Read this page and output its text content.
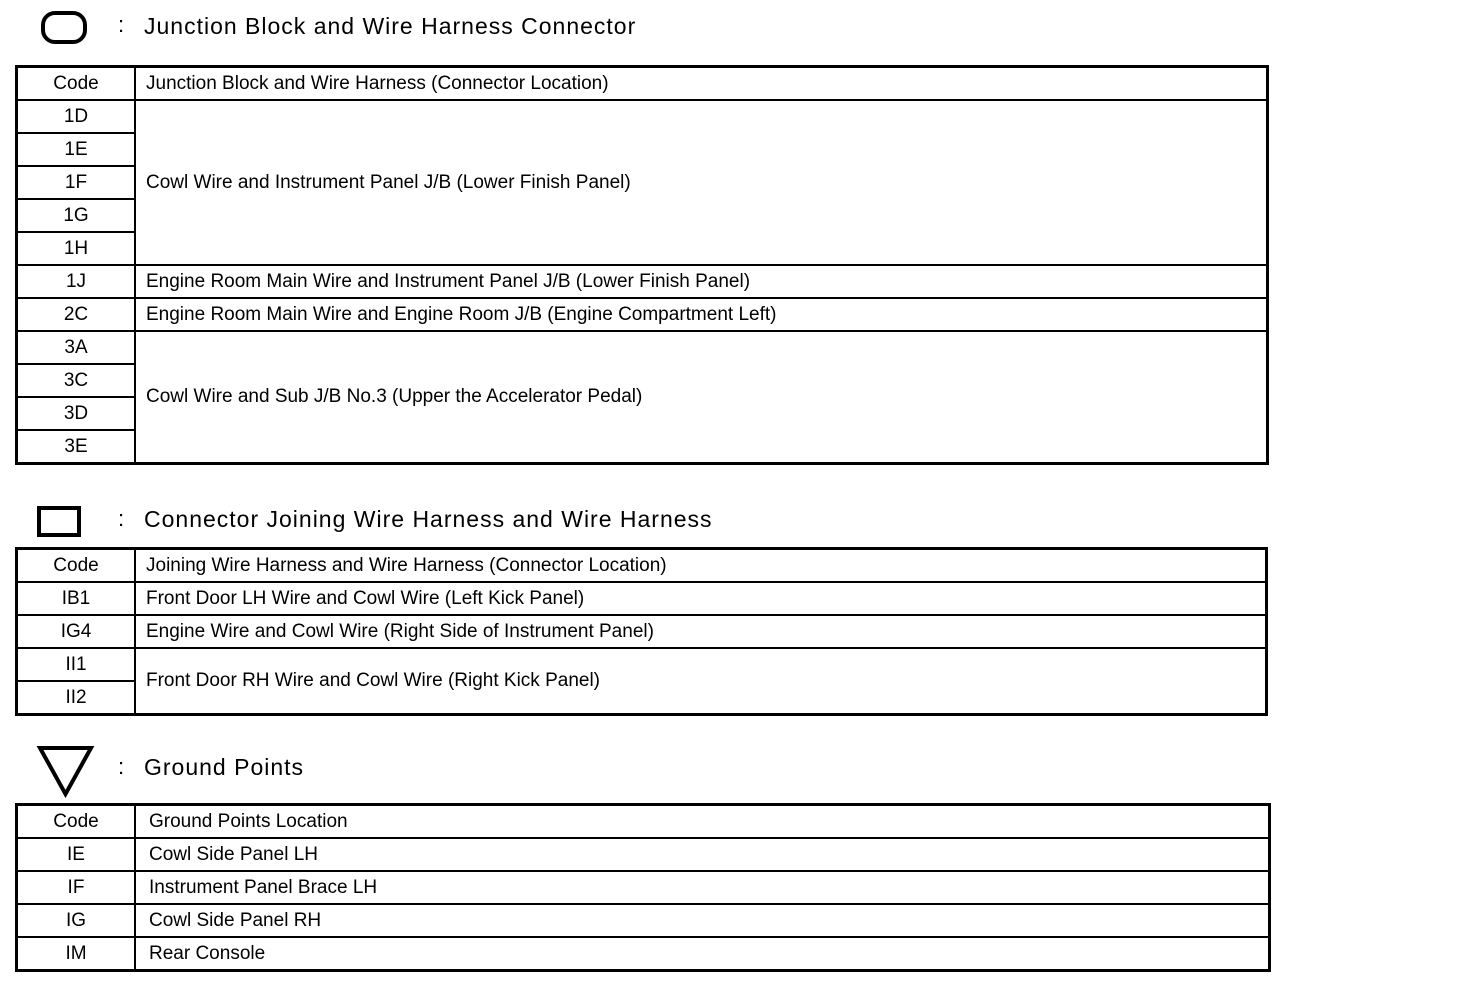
: Junction Block and Wire Harness Connector
Code	Junction Block and Wire Harness (Connector Location)
1D	Cowl Wire and Instrument Panel J/B (Lower Finish Panel)
1E	
1F	
1G	
1H	
1J	Engine Room Main Wire and Instrument Panel J/B (Lower Finish Panel)
2C	Engine Room Main Wire and Engine Room J/B (Engine Compartment Left)
3A	Cowl Wire and Sub J/B No.3 (Upper the Accelerator Pedal)
3C	
3D	
3E	
: Connector Joining Wire Harness and Wire Harness
Code	Joining Wire Harness and Wire Harness (Connector Location)
IB1	Front Door LH Wire and Cowl Wire (Left Kick Panel)
IG4	Engine Wire and Cowl Wire (Right Side of Instrument Panel)
II1	Front Door RH Wire and Cowl Wire (Right Kick Panel)
II2	
: Ground Points
Code	Ground Points Location
IE	Cowl Side Panel LH
IF	Instrument Panel Brace LH
IG	Cowl Side Panel RH
IM	Rear Console
